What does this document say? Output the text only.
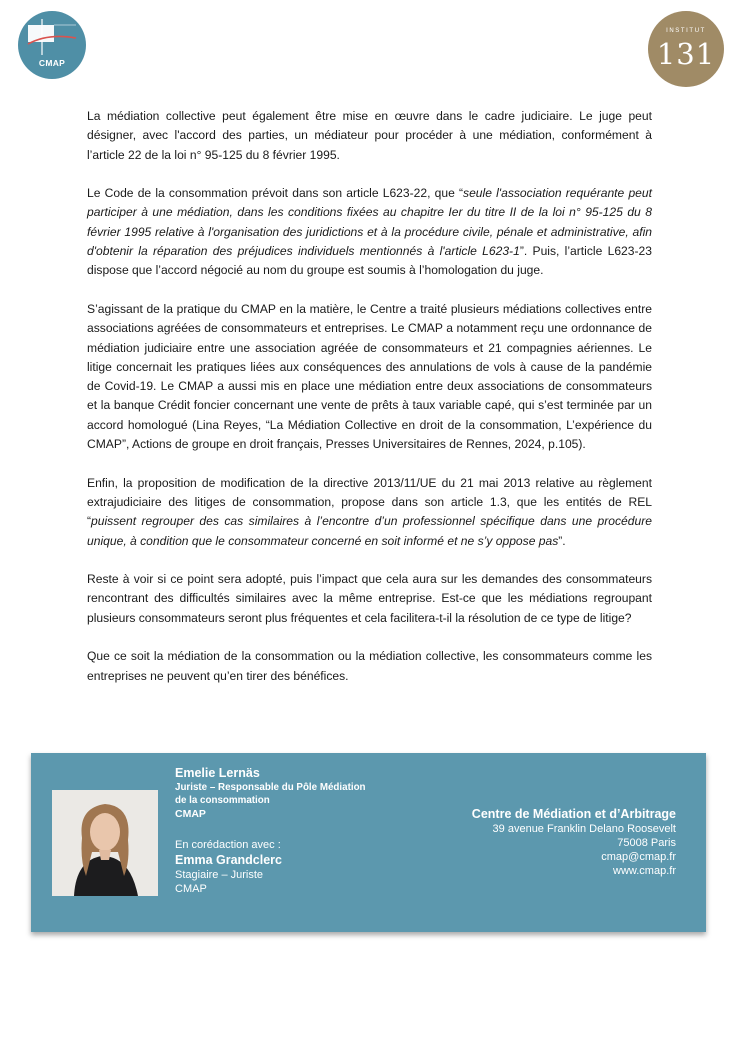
CMAP
INSTITUT
131

La médiation collective peut également être mise en œuvre dans le cadre judiciaire. Le juge peut désigner, avec l'accord des parties, un médiateur pour procéder à une médiation, conformément à l’article 22 de la loi n° 95-125 du 8 février 1995.

Le Code de la consommation prévoit dans son article L623-22, que “seule l'association requérante peut participer à une médiation, dans les conditions fixées au chapitre Ier du titre II de la loi n° 95-125 du 8 février 1995 relative à l'organisation des juridictions et à la procédure civile, pénale et administrative, afin d'obtenir la réparation des préjudices individuels mentionnés à l'article L623-1”. Puis, l’article L623-23 dispose que l’accord négocié au nom du groupe est soumis à l’homologation du juge.

S’agissant de la pratique du CMAP en la matière, le Centre a traité plusieurs médiations collectives entre associations agréées de consommateurs et entreprises. Le CMAP a notamment reçu une ordonnance de médiation judiciaire entre une association agréée de consommateurs et 21 compagnies aériennes. Le litige concernait les pratiques liées aux conséquences des annulations de vols à cause de la pandémie de Covid-19. Le CMAP a aussi mis en place une médiation entre deux associations de consommateurs et la banque Crédit foncier concernant une vente de prêts à taux variable capé, qui s’est terminée par un accord homologué (Lina Reyes, “La Médiation Collective en droit de la consommation, L’expérience du CMAP”, Actions de groupe en droit français, Presses Universitaires de Rennes, 2024, p.105).

Enfin, la proposition de modification de la directive 2013/11/UE du 21 mai 2013 relative au règlement extrajudiciaire des litiges de consommation, propose dans son article 1.3, que les entités de REL “puissent regrouper des cas similaires à l’encontre d’un professionnel spécifique dans une procédure unique, à condition que le consommateur concerné en soit informé et ne s’y oppose pas”.

Reste à voir si ce point sera adopté, puis l’impact que cela aura sur les demandes des consommateurs rencontrant des difficultés similaires avec la même entreprise. Est-ce que les médiations regroupant plusieurs consommateurs seront plus fréquentes et cela facilitera-t-il la résolution de ce type de litige?

Que ce soit la médiation de la consommation ou la médiation collective, les consommateurs comme les entreprises ne peuvent qu’en tirer des bénéfices.

Emelie Lernäs
Juriste – Responsable du Pôle Médiation
de la consommation
CMAP
En corédaction avec :
Emma Grandclerc
Stagiaire – Juriste
CMAP
Centre de Médiation et d’Arbitrage
39 avenue Franklin Delano Roosevelt
75008 Paris
cmap@cmap.fr
www.cmap.fr
